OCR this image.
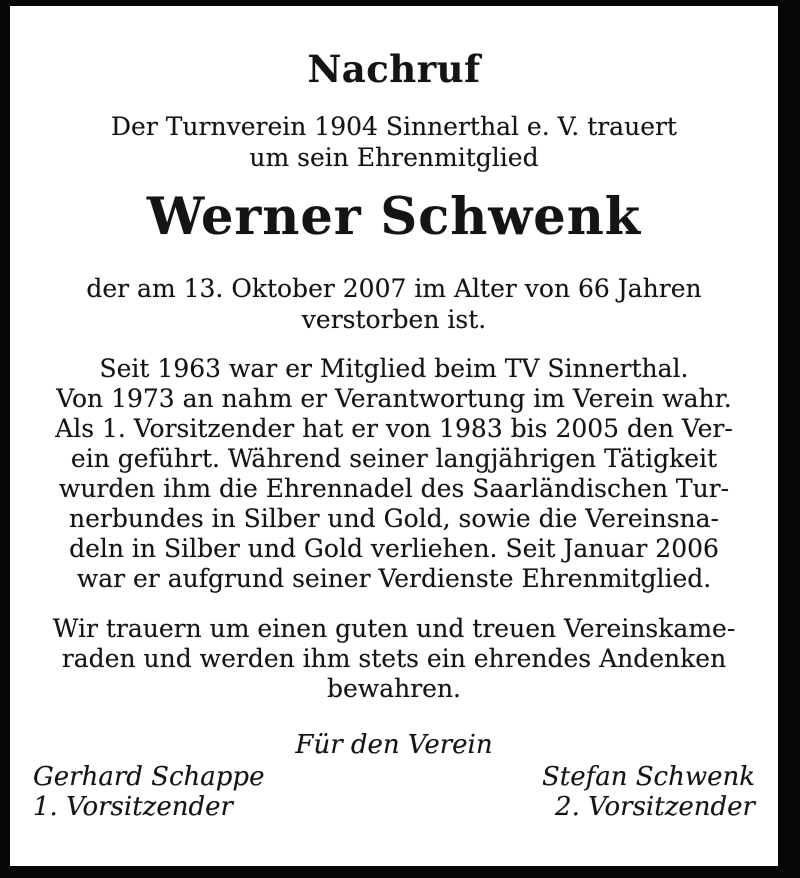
Nachruf
Der Turnverein 1904 Sinnerthal e. V. trauert
um sein Ehrenmitglied
Werner Schwenk
der am 13. Oktober 2007 im Alter von 66 Jahren
verstorben ist.
Seit 1963 war er Mitglied beim TV Sinnerthal.
Von 1973 an nahm er Verantwortung im Verein wahr.
Als 1. Vorsitzender hat er von 1983 bis 2005 den Ver-
ein geführt. Während seiner langjährigen Tätigkeit
wurden ihm die Ehrennadel des Saarländischen Tur-
nerbundes in Silber und Gold, sowie die Vereinsna-
deln in Silber und Gold verliehen. Seit Januar 2006
war er aufgrund seiner Verdienste Ehrenmitglied.
Wir trauern um einen guten und treuen Vereinskame-
raden und werden ihm stets ein ehrendes Andenken
bewahren.
Für den Verein
Gerhard Schappe
1. Vorsitzender
Stefan Schwenk
2. Vorsitzender
